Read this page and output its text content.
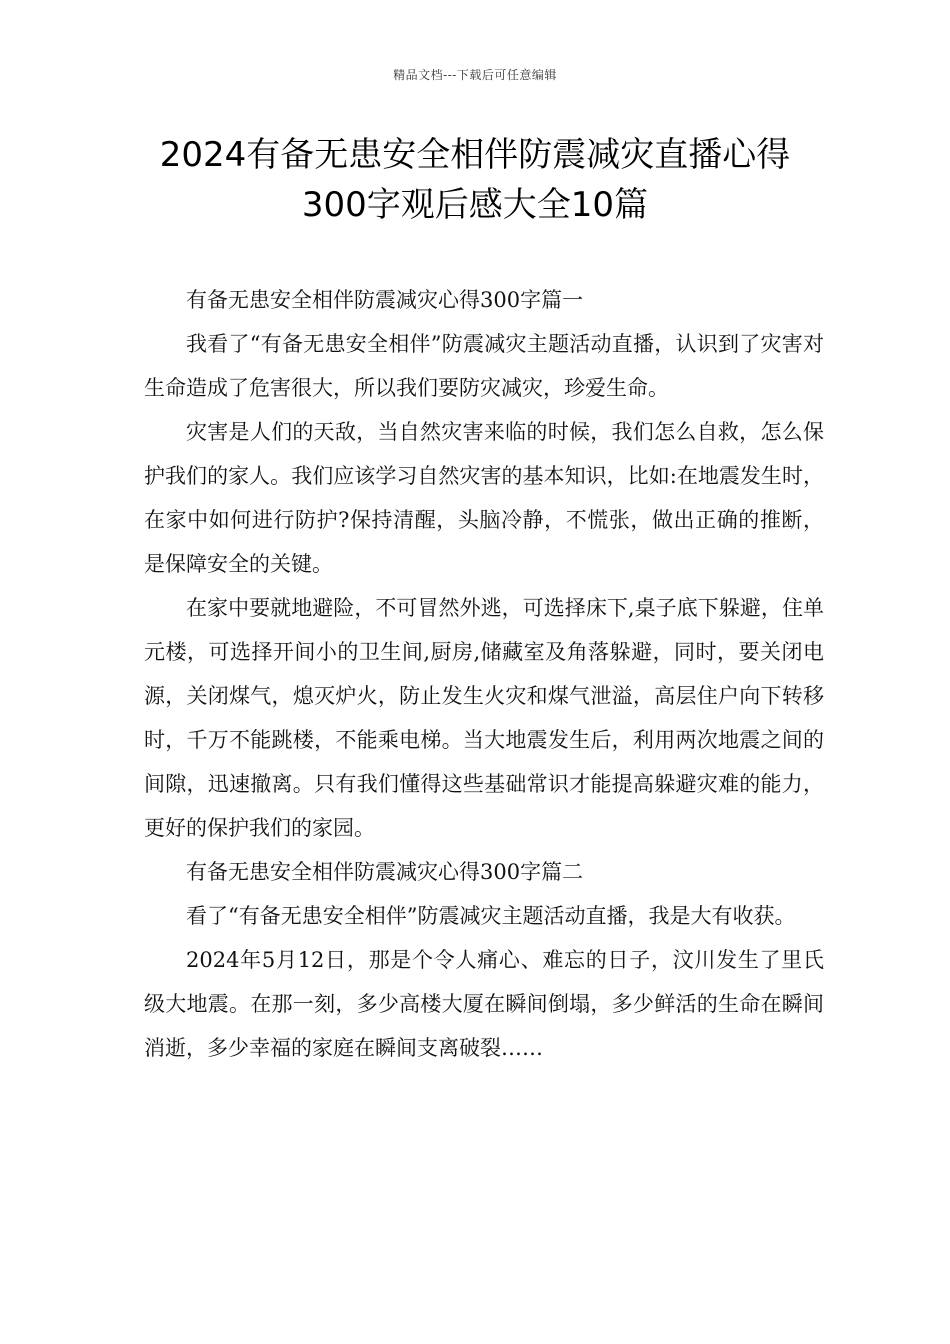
精品文档---下载后可任意编辑
2024有备无患安全相伴防震减灾直播心得300字观后感大全10篇

有备无患安全相伴防震减灾心得300字篇一

我看了“有备无患安全相伴”防震减灾主题活动直播，认识到了灾害对生命造成了危害很大，所以我们要防灾减灾，珍爱生命。

灾害是人们的天敌，当自然灾害来临的时候，我们怎么自救，怎么保护我们的家人。我们应该学习自然灾害的基本知识，比如:在地震发生时，在家中如何进行防护?保持清醒，头脑冷静，不慌张，做出正确的推断，是保障安全的关键。

在家中要就地避险，不可冒然外逃，可选择床下,桌子底下躲避，住单元楼，可选择开间小的卫生间,厨房,储藏室及角落躲避，同时，要关闭电源，关闭煤气，熄灭炉火，防止发生火灾和煤气泄溢，高层住户向下转移时，千万不能跳楼，不能乘电梯。当大地震发生后，利用两次地震之间的间隙，迅速撤离。只有我们懂得这些基础常识才能提高躲避灾难的能力，更好的保护我们的家园。

有备无患安全相伴防震减灾心得300字篇二

看了“有备无患安全相伴”防震减灾主题活动直播，我是大有收获。

2024年5月12日，那是个令人痛心、难忘的日子，汶川发生了里氏级大地震。在那一刻，多少高楼大厦在瞬间倒塌，多少鲜活的生命在瞬间消逝，多少幸福的家庭在瞬间支离破裂……
